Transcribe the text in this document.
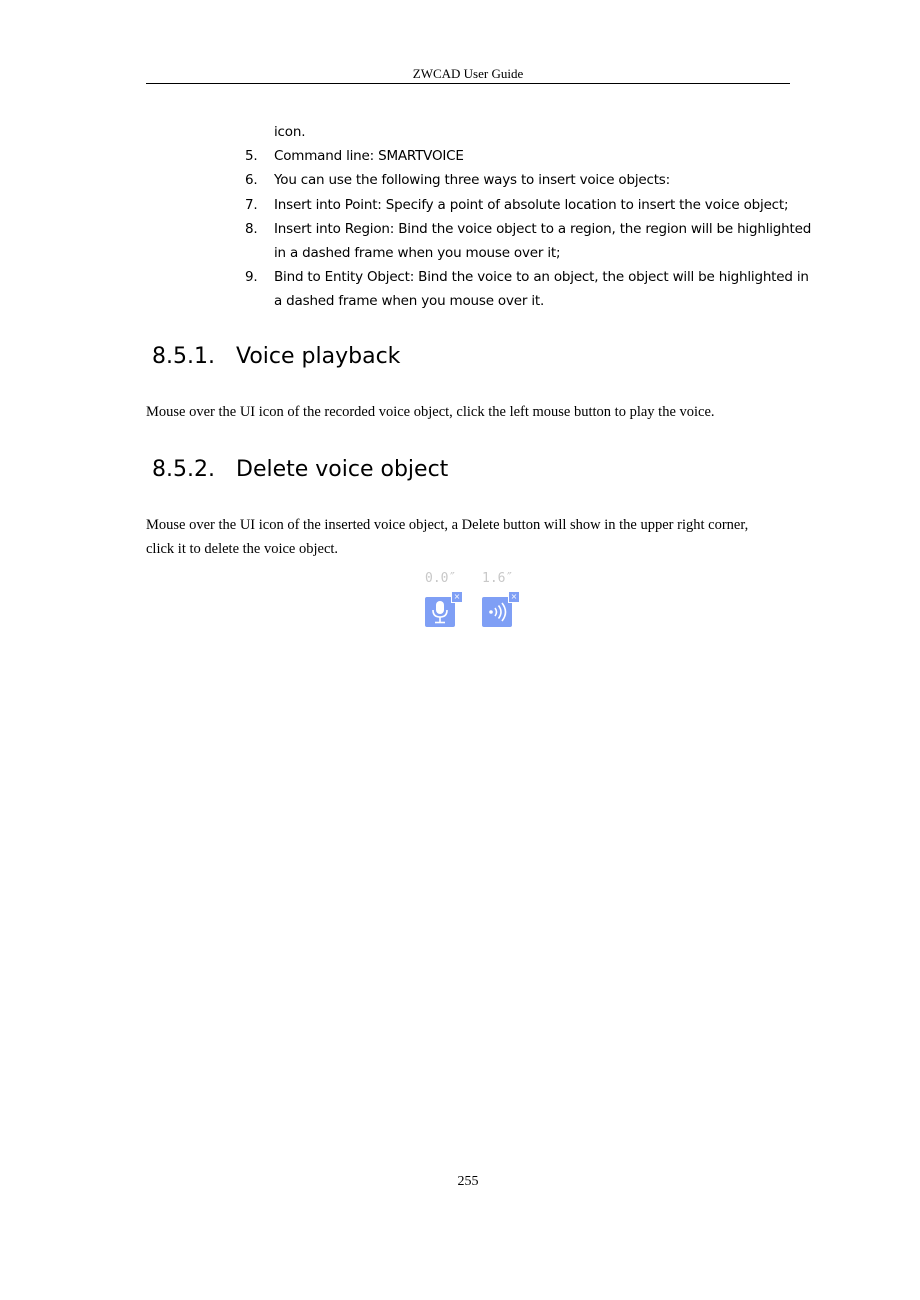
ZWCAD User Guide
icon.
5. Command line: SMARTVOICE
6. You can use the following three ways to insert voice objects:
7. Insert into Point: Specify a point of absolute location to insert the voice object;
8. Insert into Region: Bind the voice object to a region, the region will be highlighted
in a dashed frame when you mouse over it;
9. Bind to Entity Object: Bind the voice to an object, the object will be highlighted in
a dashed frame when you mouse over it.
8.5.1. Voice playback
Mouse over the UI icon of the recorded voice object, click the left mouse button to play the voice.
8.5.2. Delete voice object
Mouse over the UI icon of the inserted voice object, a Delete button will show in the upper right corner,
click it to delete the voice object.
0.0″ 1.6″
×	×
255
